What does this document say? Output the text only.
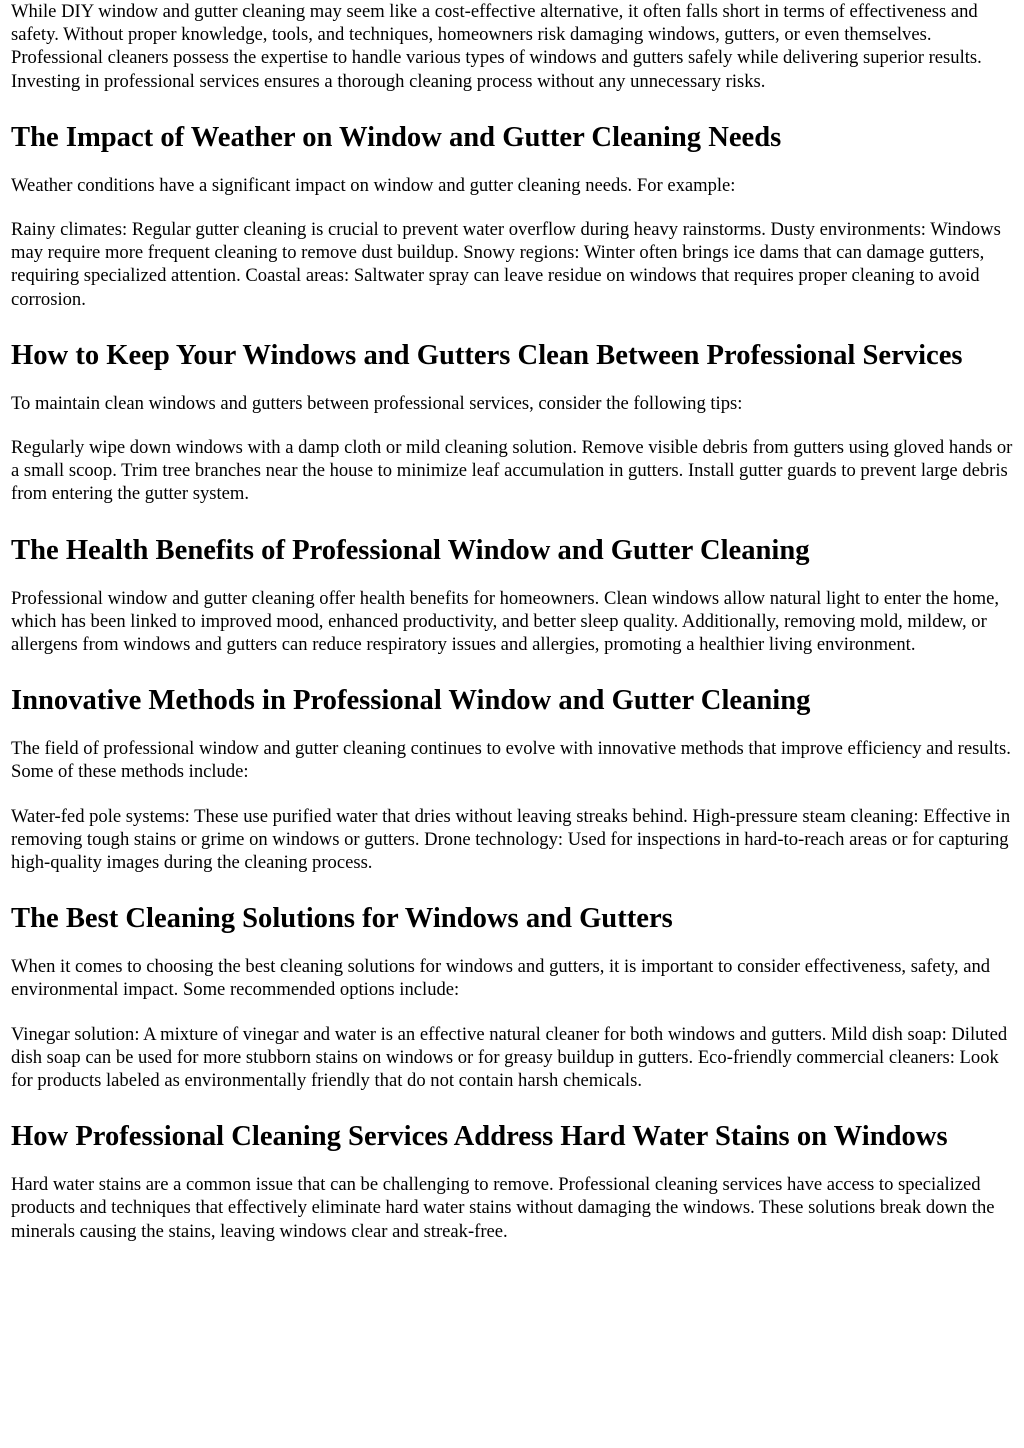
While DIY window and gutter cleaning may seem like a cost-effective alternative, it often falls short in terms of effectiveness and safety. Without proper knowledge, tools, and techniques, homeowners risk damaging windows, gutters, or even themselves. Professional cleaners possess the expertise to handle various types of windows and gutters safely while delivering superior results. Investing in professional services ensures a thorough cleaning process without any unnecessary risks.

The Impact of Weather on Window and Gutter Cleaning Needs

Weather conditions have a significant impact on window and gutter cleaning needs. For example:

Rainy climates: Regular gutter cleaning is crucial to prevent water overflow during heavy rainstorms. Dusty environments: Windows may require more frequent cleaning to remove dust buildup. Snowy regions: Winter often brings ice dams that can damage gutters, requiring specialized attention. Coastal areas: Saltwater spray can leave residue on windows that requires proper cleaning to avoid corrosion.

How to Keep Your Windows and Gutters Clean Between Professional Services

To maintain clean windows and gutters between professional services, consider the following tips:

Regularly wipe down windows with a damp cloth or mild cleaning solution. Remove visible debris from gutters using gloved hands or a small scoop. Trim tree branches near the house to minimize leaf accumulation in gutters. Install gutter guards to prevent large debris from entering the gutter system.

The Health Benefits of Professional Window and Gutter Cleaning

Professional window and gutter cleaning offer health benefits for homeowners. Clean windows allow natural light to enter the home, which has been linked to improved mood, enhanced productivity, and better sleep quality. Additionally, removing mold, mildew, or allergens from windows and gutters can reduce respiratory issues and allergies, promoting a healthier living environment.

Innovative Methods in Professional Window and Gutter Cleaning

The field of professional window and gutter cleaning continues to evolve with innovative methods that improve efficiency and results. Some of these methods include:

Water-fed pole systems: These use purified water that dries without leaving streaks behind. High-pressure steam cleaning: Effective in removing tough stains or grime on windows or gutters. Drone technology: Used for inspections in hard-to-reach areas or for capturing high-quality images during the cleaning process.

The Best Cleaning Solutions for Windows and Gutters

When it comes to choosing the best cleaning solutions for windows and gutters, it is important to consider effectiveness, safety, and environmental impact. Some recommended options include:

Vinegar solution: A mixture of vinegar and water is an effective natural cleaner for both windows and gutters. Mild dish soap: Diluted dish soap can be used for more stubborn stains on windows or for greasy buildup in gutters. Eco-friendly commercial cleaners: Look for products labeled as environmentally friendly that do not contain harsh chemicals.

How Professional Cleaning Services Address Hard Water Stains on Windows

Hard water stains are a common issue that can be challenging to remove. Professional cleaning services have access to specialized products and techniques that effectively eliminate hard water stains without damaging the windows. These solutions break down the minerals causing the stains, leaving windows clear and streak-free.
